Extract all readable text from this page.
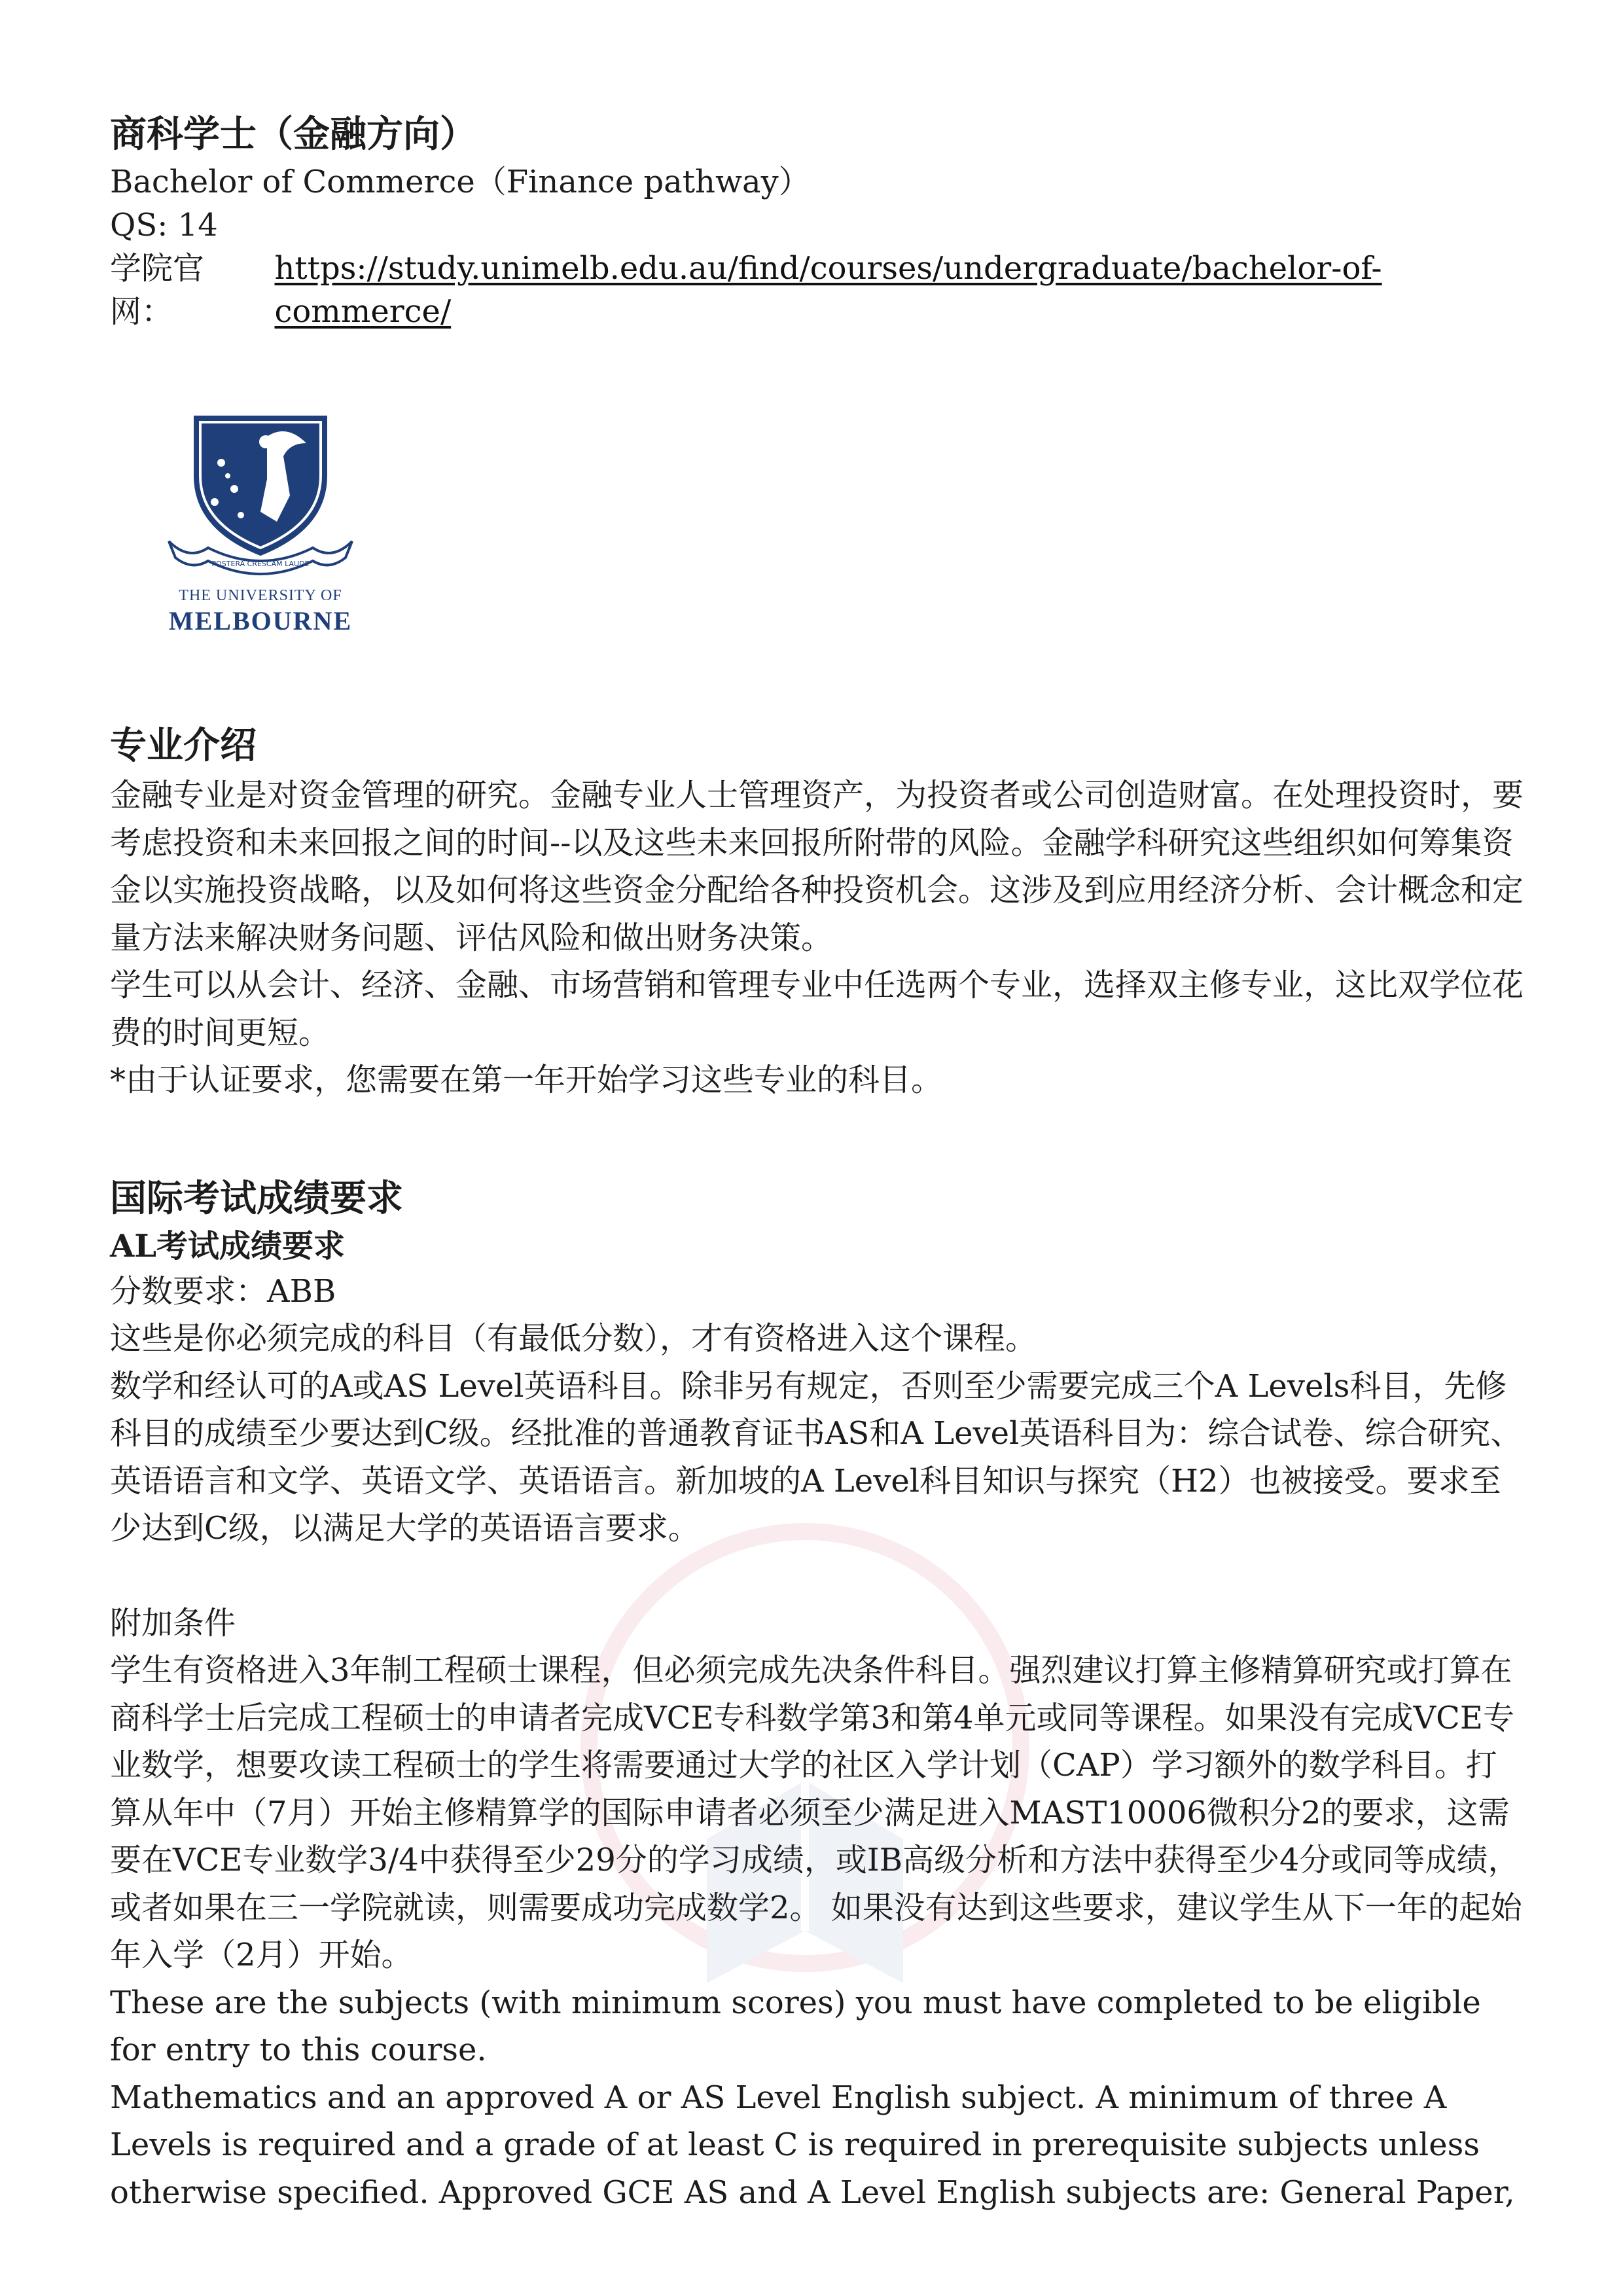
商科学士（金融方向）

Bachelor of Commerce（Finance pathway）

QS: 14

学院官网：
https://study.unimelb.edu.au/find/courses/undergraduate/bachelor-of-commerce/

POSTERA CRESCAM LAUDE
THE UNIVERSITY OF
MELBOURNE
专业介绍

金融专业是对资金管理的研究。金融专业人士管理资产，为投资者或公司创造财富。在处理投资时，要考虑投资和未来回报之间的时间--以及这些未来回报所附带的风险。金融学科研究这些组织如何筹集资金以实施投资战略，以及如何将这些资金分配给各种投资机会。这涉及到应用经济分析、会计概念和定量方法来解决财务问题、评估风险和做出财务决策。

学生可以从会计、经济、金融、市场营销和管理专业中任选两个专业，选择双主修专业，这比双学位花费的时间更短。

*由于认证要求，您需要在第一年开始学习这些专业的科目。

国际考试成绩要求
AL考试成绩要求

分数要求：ABB

这些是你必须完成的科目（有最低分数），才有资格进入这个课程。

数学和经认可的A或AS Level英语科目。除非另有规定，否则至少需要完成三个A Levels科目，先修科目的成绩至少要达到C级。经批准的普通教育证书AS和A Level英语科目为：综合试卷、综合研究、英语语言和文学、英语文学、英语语言。新加坡的A Level科目知识与探究（H2）也被接受。要求至少达到C级，以满足大学的英语语言要求。

附加条件

学生有资格进入3年制工程硕士课程，但必须完成先决条件科目。强烈建议打算主修精算研究或打算在商科学士后完成工程硕士的申请者完成VCE专科数学第3和第4单元或同等课程。如果没有完成VCE专业数学，想要攻读工程硕士的学生将需要通过大学的社区入学计划（CAP）学习额外的数学科目。打算从年中（7月）开始主修精算学的国际申请者必须至少满足进入MAST10006微积分2的要求，这需要在VCE专业数学3/4中获得至少29分的学习成绩，或IB高级分析和方法中获得至少4分或同等成绩，或者如果在三一学院就读，则需要成功完成数学2。 如果没有达到这些要求，建议学生从下一年的起始年入学（2月）开始。

These are the subjects (with minimum scores) you must have completed to be eligible for entry to this course.

Mathematics and an approved A or AS Level English subject. A minimum of three A Levels is required and a grade of at least C is required in prerequisite subjects unless otherwise specified. Approved GCE AS and A Level English subjects are: General Paper,
